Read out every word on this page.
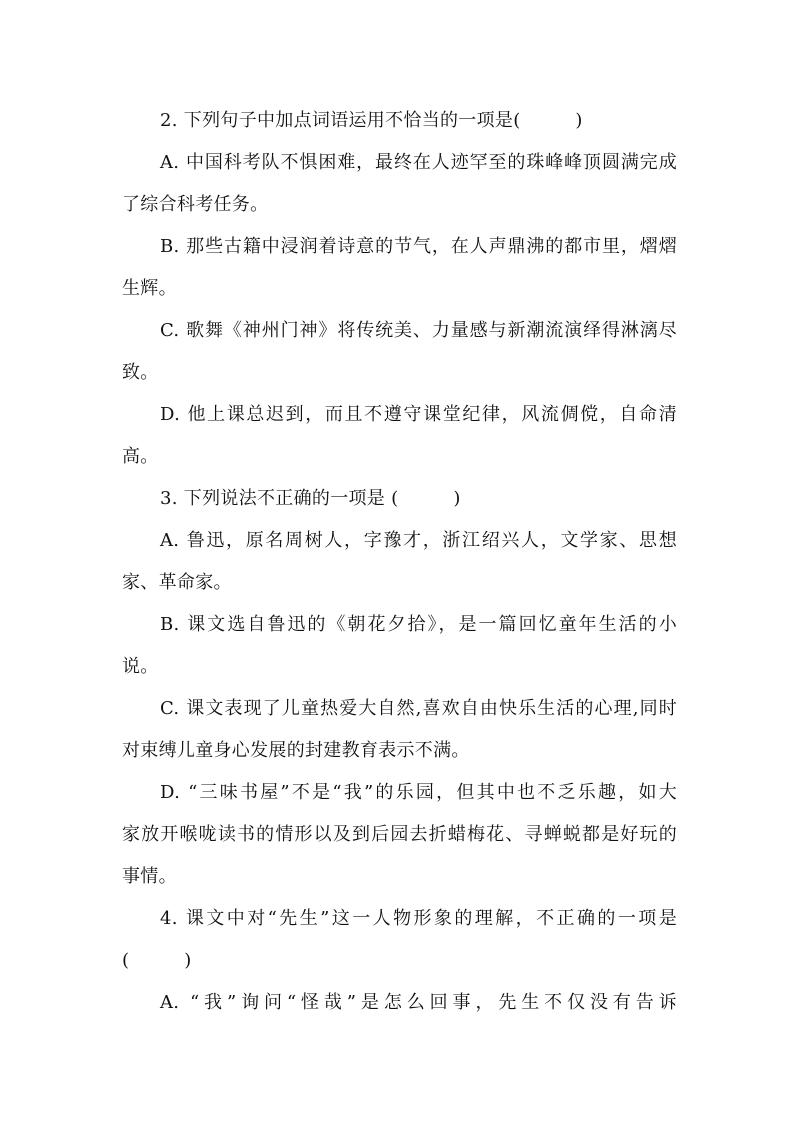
2. 下列句子中加点词语运用不恰当的一项是(　　　)
A. 中国科考队不惧困难，最终在人迹罕至的珠峰峰顶圆满完成
了综合科考任务。
B. 那些古籍中浸润着诗意的节气，在人声鼎沸的都市里，熠熠
生辉。
C. 歌舞《神州门神》将传统美、力量感与新潮流演绎得淋漓尽
致。
D. 他上课总迟到，而且不遵守课堂纪律，风流倜傥，自命清
高。
3. 下列说法不正确的一项是 (　　　)
A. 鲁迅，原名周树人，字豫才，浙江绍兴人，文学家、思想
家、革命家。
B. 课文选自鲁迅的《朝花夕拾》，是一篇回忆童年生活的小
说。
C. 课文表现了儿童热爱大自然,喜欢自由快乐生活的心理,同时
对束缚儿童身心发展的封建教育表示不满。
D. “三味书屋”不是“我”的乐园，但其中也不乏乐趣，如大
家放开喉咙读书的情形以及到后园去折蜡梅花、寻蝉蜕都是好玩的
事情。
4. 课文中对“先生”这一人物形象的理解，不正确的一项是
(　　　)
A. “我”询问“怪哉”是怎么回事，先生不仅没有告诉
